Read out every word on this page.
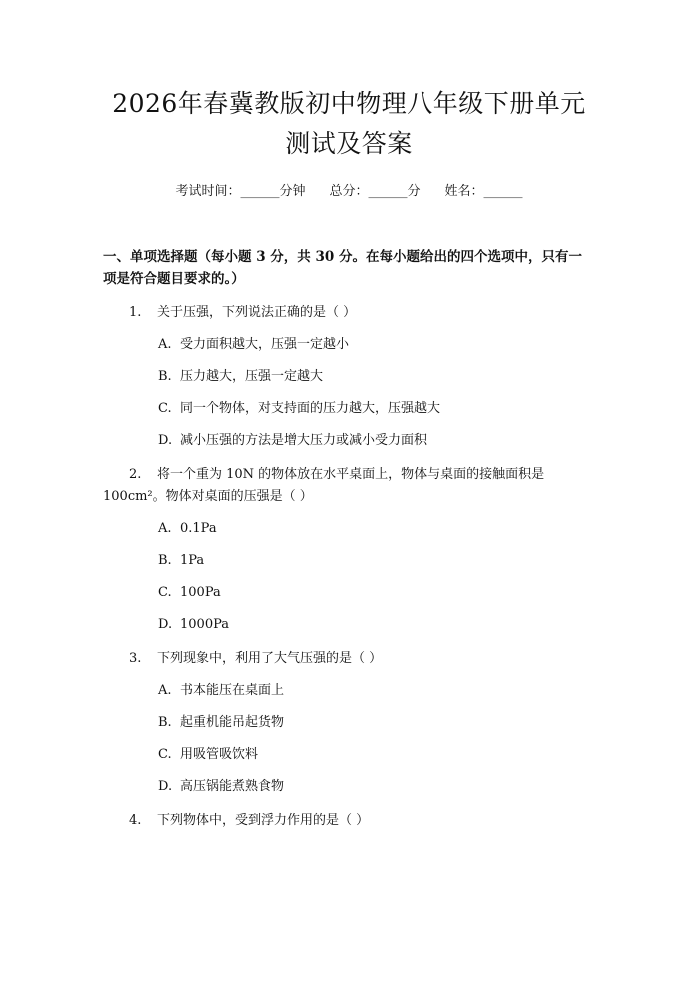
2026年春冀教版初中物理八年级下册单元测试及答案
考试时间：______分钟 总分：______分 姓名：______
一、单项选择题（每小题 3 分，共 30 分。在每小题给出的四个选项中，只有一项是符合题目要求的。）
1. 关于压强，下列说法正确的是（ ）
A. 受力面积越大，压强一定越小
B. 压力越大，压强一定越大
C. 同一个物体，对支持面的压力越大，压强越大
D. 减小压强的方法是增大压力或减小受力面积
2. 将一个重为 10N 的物体放在水平桌面上，物体与桌面的接触面积是 100cm²。物体对桌面的压强是（ ）
A. 0.1Pa
B. 1Pa
C. 100Pa
D. 1000Pa
3. 下列现象中，利用了大气压强的是（ ）
A. 书本能压在桌面上
B. 起重机能吊起货物
C. 用吸管吸饮料
D. 高压锅能煮熟食物
4. 下列物体中，受到浮力作用的是（ ）
